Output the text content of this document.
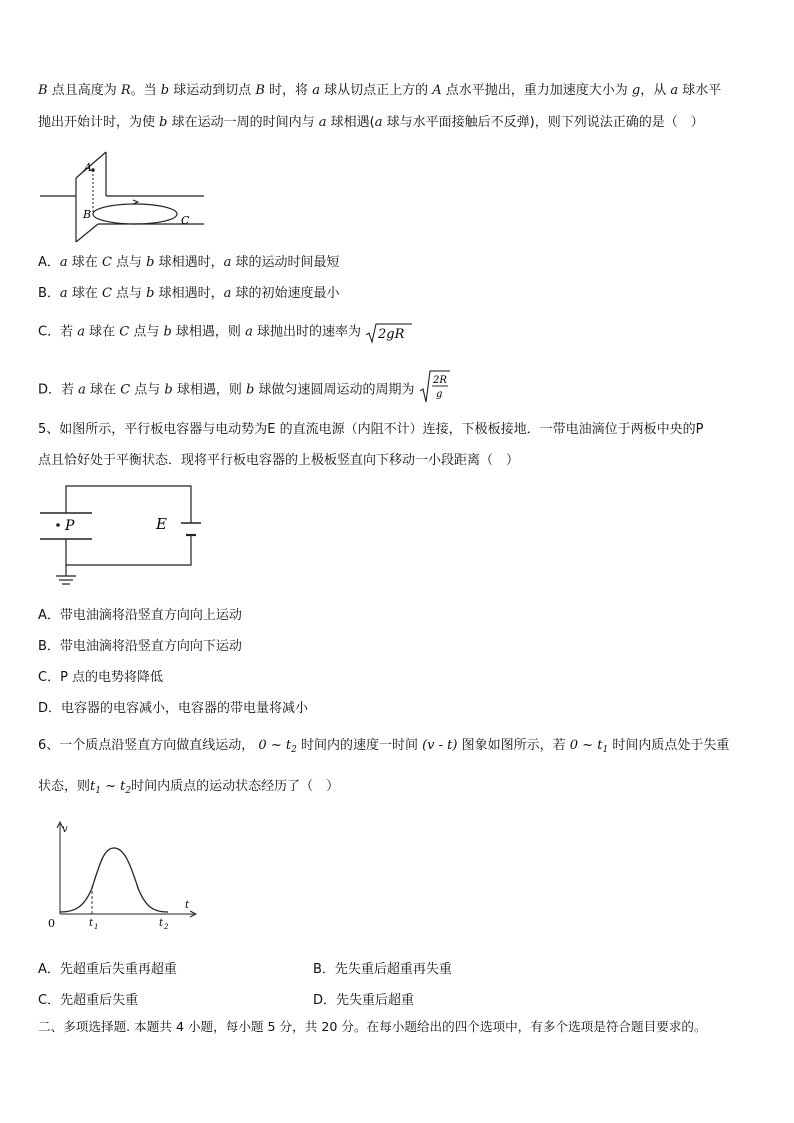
B 点且高度为 R。当 b 球运动到切点 B 时，将 a 球从切点正上方的 A 点水平抛出，重力加速度大小为 g，从 a 球水平
抛出开始计时，为使 b 球在运动一周的时间内与 a 球相遇(a 球与水平面接触后不反弹)，则下列说法正确的是（　）
A
B	C
A．a 球在 C 点与 b 球相遇时，a 球的运动时间最短
B．a 球在 C 点与 b 球相遇时，a 球的初始速度最小
C．若 a 球在 C 点与 b 球相遇，则 a 球抛出时的速率为 2gR
D．若 a 球在 C 点与 b 球相遇，则 b 球做匀速圆周运动的周期为
2R
g
5、如图所示，平行板电容器与电动势为E 的直流电源（内阻不计）连接，下极板接地．一带电油滴位于两板中央的P
点且恰好处于平衡状态．现将平行板电容器的上极板竖直向下移动一小段距离（　）
P	E
A．带电油滴将沿竖直方向向上运动
B．带电油滴将沿竖直方向向下运动
C．P 点的电势将降低
D．电容器的电容减小，电容器的带电量将减小
6、一个质点沿竖直方向做直线运动， 0 ~ $t_2$ 时间内的速度一时间 (v - t) 图象如图所示，若 0 ~ $t_1$ 时间内质点处于失重
状态，则$t_1$ ~ $t_2$时间内质点的运动状态经历了（　）
v
t
0	t 1	t 2
A．先超重后失重再超重	B．先失重后超重再失重
C．先超重后失重	D．先失重后超重
二、多项选择题. 本题共 4 小题，每小题 5 分，共 20 分。在每小题给出的四个选项中，有多个选项是符合题目要求的。
